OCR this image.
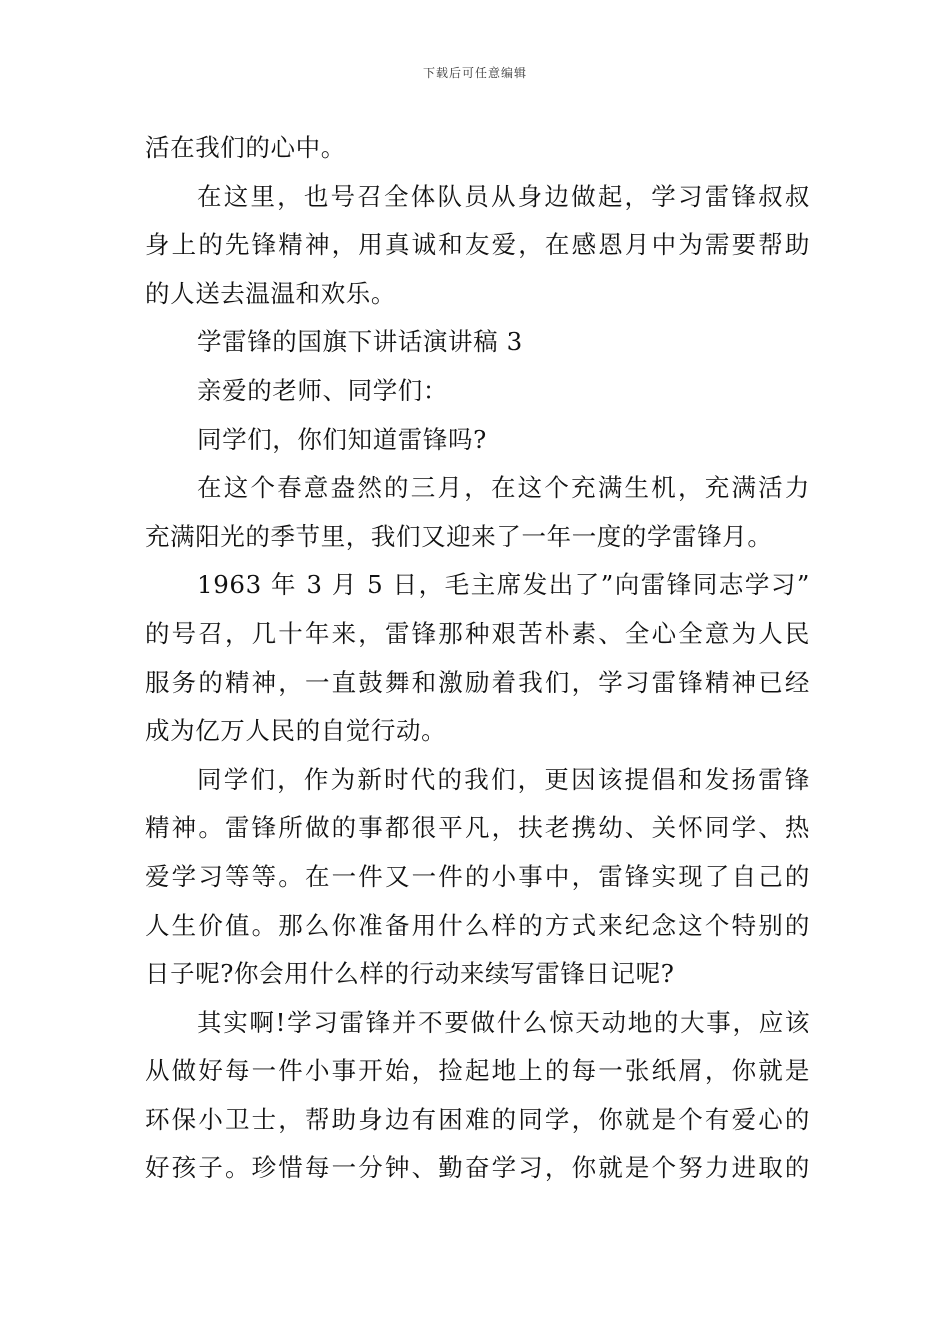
下载后可任意编辑
活在我们的心中。
在这里，也号召全体队员从身边做起，学习雷锋叔叔
身上的先锋精神，用真诚和友爱，在感恩月中为需要帮助
的人送去温温和欢乐。
学雷锋的国旗下讲话演讲稿 3
亲爱的老师、同学们：
同学们，你们知道雷锋吗?
在这个春意盎然的三月，在这个充满生机，充满活力
充满阳光的季节里，我们又迎来了一年一度的学雷锋月。
1963 年 3 月 5 日，毛主席发出了”向雷锋同志学习”
的号召，几十年来，雷锋那种艰苦朴素、全心全意为人民
服务的精神，一直鼓舞和激励着我们，学习雷锋精神已经
成为亿万人民的自觉行动。
同学们，作为新时代的我们，更因该提倡和发扬雷锋
精神。雷锋所做的事都很平凡，扶老携幼、关怀同学、热
爱学习等等。在一件又一件的小事中，雷锋实现了自己的
人生价值。那么你准备用什么样的方式来纪念这个特别的
日子呢?你会用什么样的行动来续写雷锋日记呢?
其实啊!学习雷锋并不要做什么惊天动地的大事，应该
从做好每一件小事开始，捡起地上的每一张纸屑，你就是
环保小卫士，帮助身边有困难的同学，你就是个有爱心的
好孩子。珍惜每一分钟、勤奋学习，你就是个努力进取的
